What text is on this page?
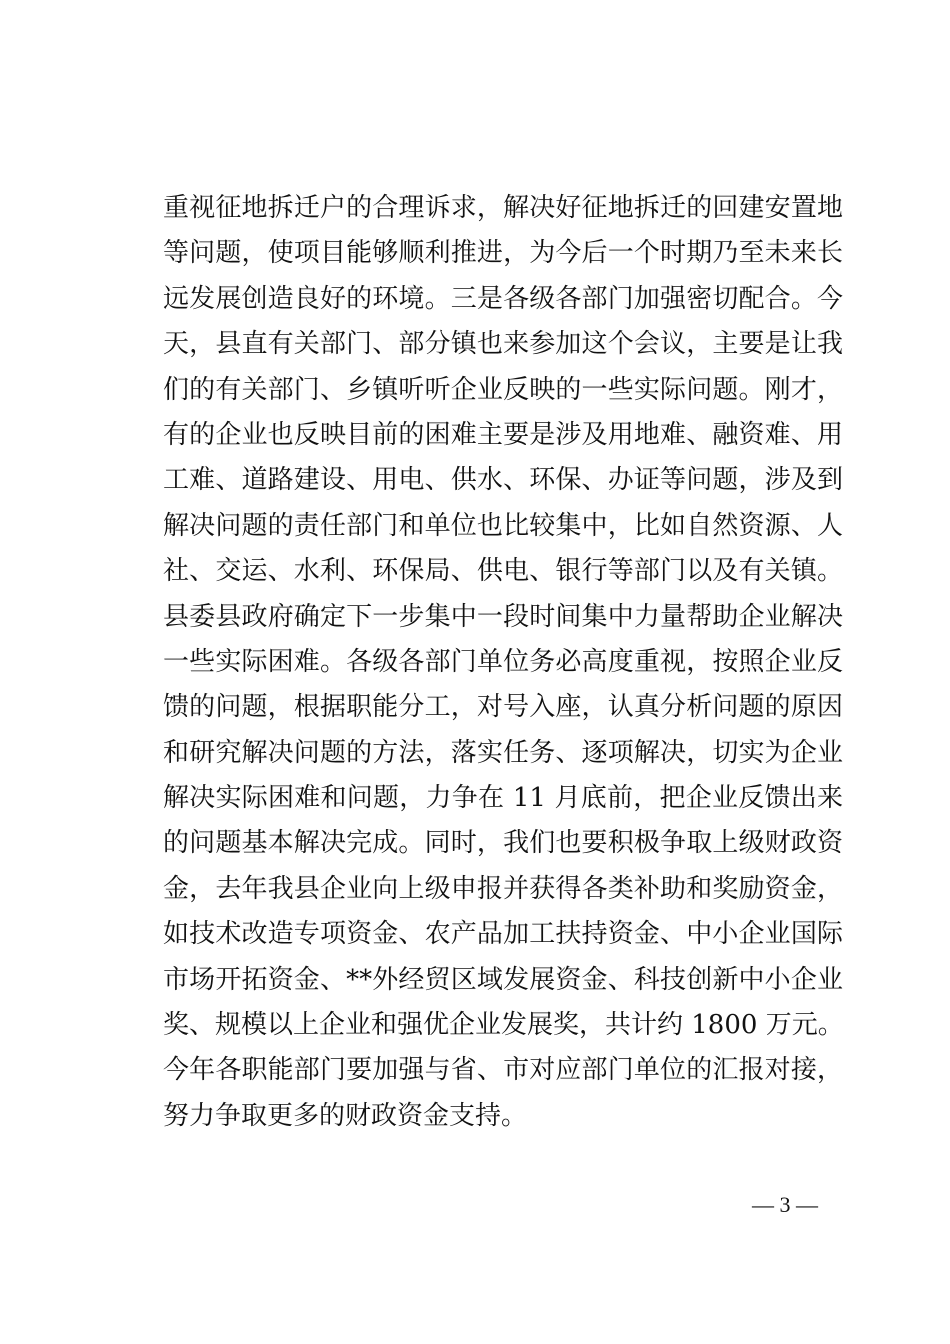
重视征地拆迁户的合理诉求，解决好征地拆迁的回建安置地
等问题，使项目能够顺利推进，为今后一个时期乃至未来长
远发展创造良好的环境。三是各级各部门加强密切配合。今
天，县直有关部门、部分镇也来参加这个会议，主要是让我
们的有关部门、乡镇听听企业反映的一些实际问题。刚才，
有的企业也反映目前的困难主要是涉及用地难、融资难、用
工难、道路建设、用电、供水、环保、办证等问题，涉及到
解决问题的责任部门和单位也比较集中，比如自然资源、人
社、交运、水利、环保局、供电、银行等部门以及有关镇。
县委县政府确定下一步集中一段时间集中力量帮助企业解决
一些实际困难。各级各部门单位务必高度重视，按照企业反
馈的问题，根据职能分工，对号入座，认真分析问题的原因
和研究解决问题的方法，落实任务、逐项解决，切实为企业
解决实际困难和问题，力争在 11 月底前，把企业反馈出来
的问题基本解决完成。同时，我们也要积极争取上级财政资
金，去年我县企业向上级申报并获得各类补助和奖励资金，
如技术改造专项资金、农产品加工扶持资金、中小企业国际
市场开拓资金、**外经贸区域发展资金、科技创新中小企业
奖、规模以上企业和强优企业发展奖，共计约 1800 万元。
今年各职能部门要加强与省、市对应部门单位的汇报对接，
努力争取更多的财政资金支持。
— 3 —
